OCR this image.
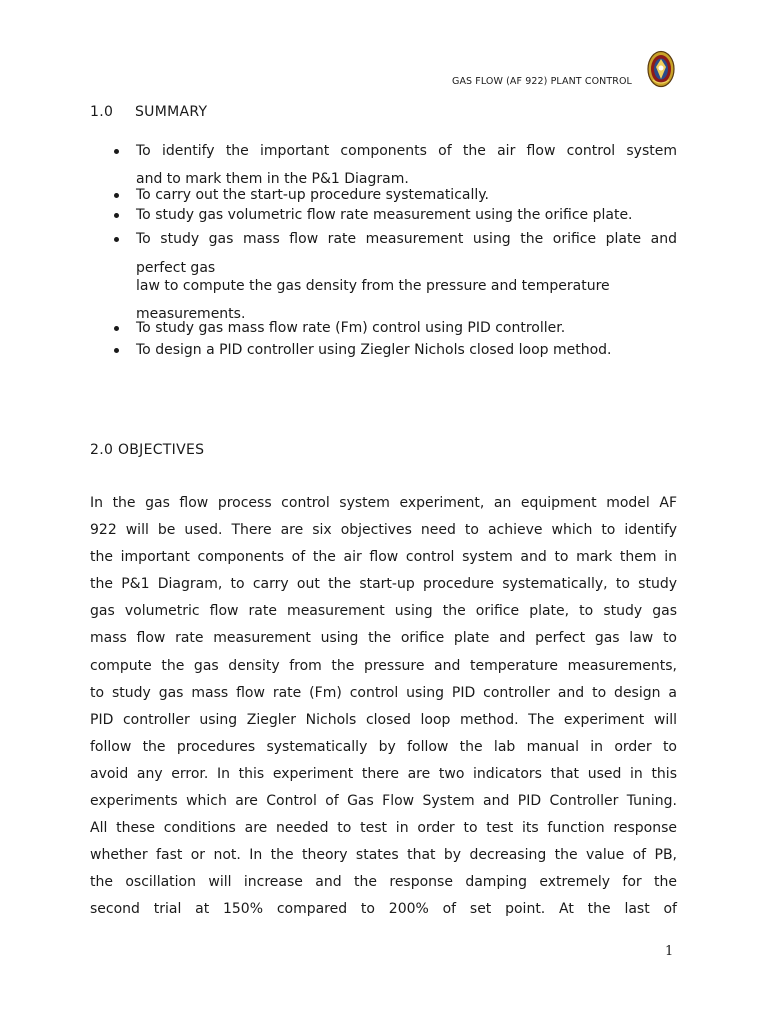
GAS FLOW (AF 922) PLANT CONTROL
1.0 SUMMARY
To identify the important components of the air flow control system
and to mark them in the P&1 Diagram.
To carry out the start-up procedure systematically.
To study gas volumetric flow rate measurement using the orifice plate.
To study gas mass flow rate measurement using the orifice plate and
perfect gas
To study gas mass flow rate (Fm) control using PID controller.
To design a PID controller using Ziegler Nichols closed loop method.
law to compute the gas density from the pressure and temperature measurements.
2.0 OBJECTIVES

In the gas flow process control system experiment, an equipment model AF
922 will be used. There are six objectives need to achieve which to identify
the important components of the air flow control system and to mark them in
the P&1 Diagram, to carry out the start-up procedure systematically, to study
gas volumetric flow rate measurement using the orifice plate, to study gas
mass flow rate measurement using the orifice plate and perfect gas law to
compute the gas density from the pressure and temperature measurements,
to study gas mass flow rate (Fm) control using PID controller and to design a
PID controller using Ziegler Nichols closed loop method. The experiment will
follow the procedures systematically by follow the lab manual in order to
avoid any error. In this experiment there are two indicators that used in this
experiments which are Control of Gas Flow System and PID Controller Tuning.
All these conditions are needed to test in order to test its function response
whether fast or not. In the theory states that by decreasing the value of PB,
the oscillation will increase and the response damping extremely for the
second trial at 150% compared to 200% of set point. At the last of

1
